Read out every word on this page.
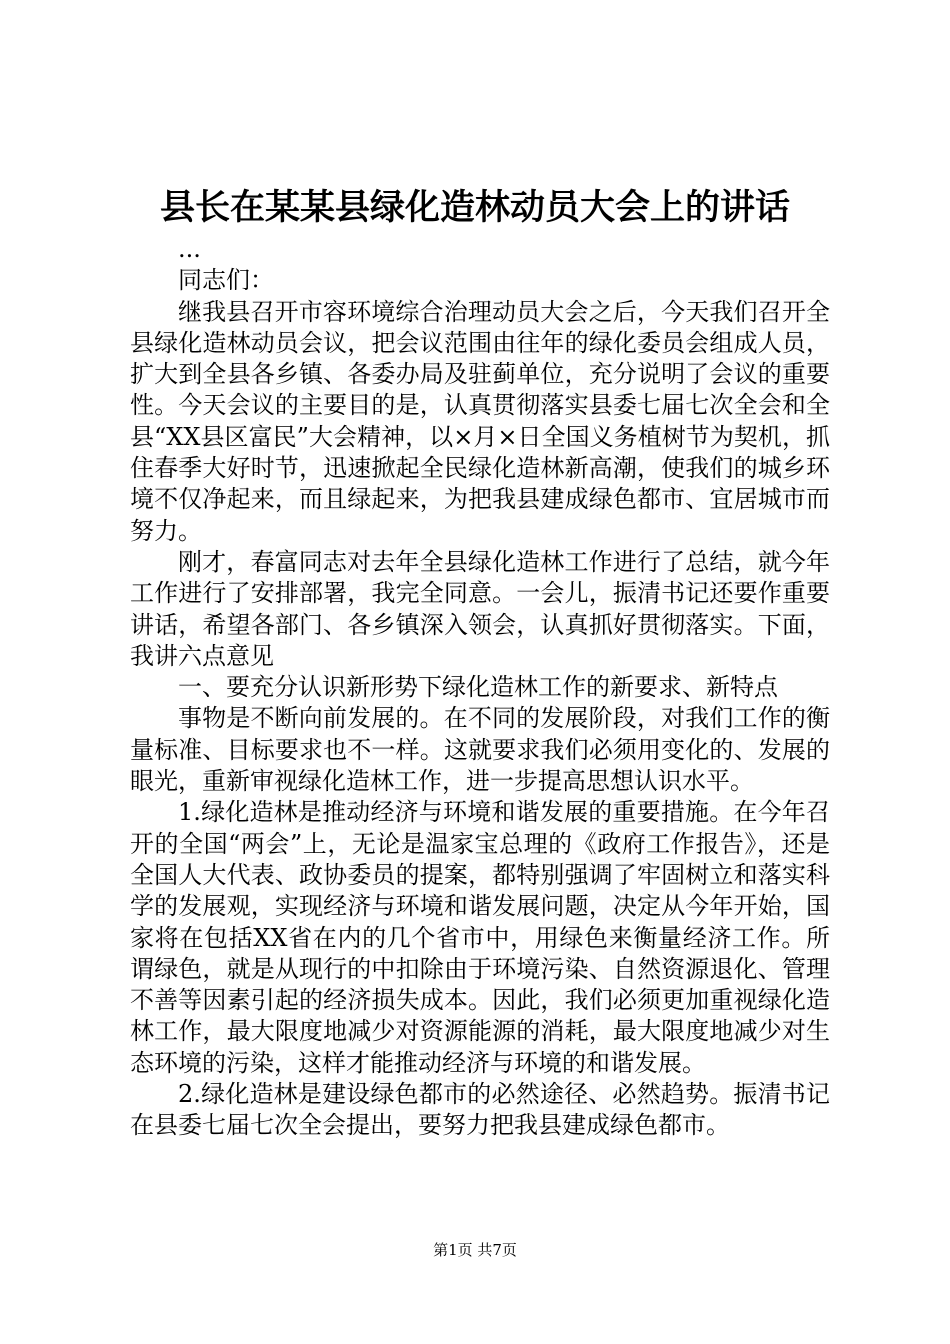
县长在某某县绿化造林动员大会上的讲话

...

同志们：

继我县召开市容环境综合治理动员大会之后，今天我们召开全县绿化造林动员会议，把会议范围由往年的绿化委员会组成人员，扩大到全县各乡镇、各委办局及驻蓟单位，充分说明了会议的重要性。今天会议的主要目的是，认真贯彻落实县委七届七次全会和全县“XX县区富民”大会精神，以×月×日全国义务植树节为契机，抓住春季大好时节，迅速掀起全民绿化造林新高潮，使我们的城乡环境不仅净起来，而且绿起来，为把我县建成绿色都市、宜居城市而努力。

刚才，春富同志对去年全县绿化造林工作进行了总结，就今年工作进行了安排部署，我完全同意。一会儿，振清书记还要作重要讲话，希望各部门、各乡镇深入领会，认真抓好贯彻落实。下面，我讲六点意见

一、要充分认识新形势下绿化造林工作的新要求、新特点

事物是不断向前发展的。在不同的发展阶段，对我们工作的衡量标准、目标要求也不一样。这就要求我们必须用变化的、发展的眼光，重新审视绿化造林工作，进一步提高思想认识水平。

1.绿化造林是推动经济与环境和谐发展的重要措施。在今年召开的全国“两会”上，无论是温家宝总理的《政府工作报告》，还是全国人大代表、政协委员的提案，都特别强调了牢固树立和落实科学的发展观，实现经济与环境和谐发展问题，决定从今年开始，国家将在包括XX省在内的几个省市中，用绿色来衡量经济工作。所谓绿色，就是从现行的中扣除由于环境污染、自然资源退化、管理不善等因素引起的经济损失成本。因此，我们必须更加重视绿化造林工作，最大限度地减少对资源能源的消耗，最大限度地减少对生态环境的污染，这样才能推动经济与环境的和谐发展。

2.绿化造林是建设绿色都市的必然途径、必然趋势。振清书记在县委七届七次全会提出，要努力把我县建成绿色都市。

第1页 共7页
